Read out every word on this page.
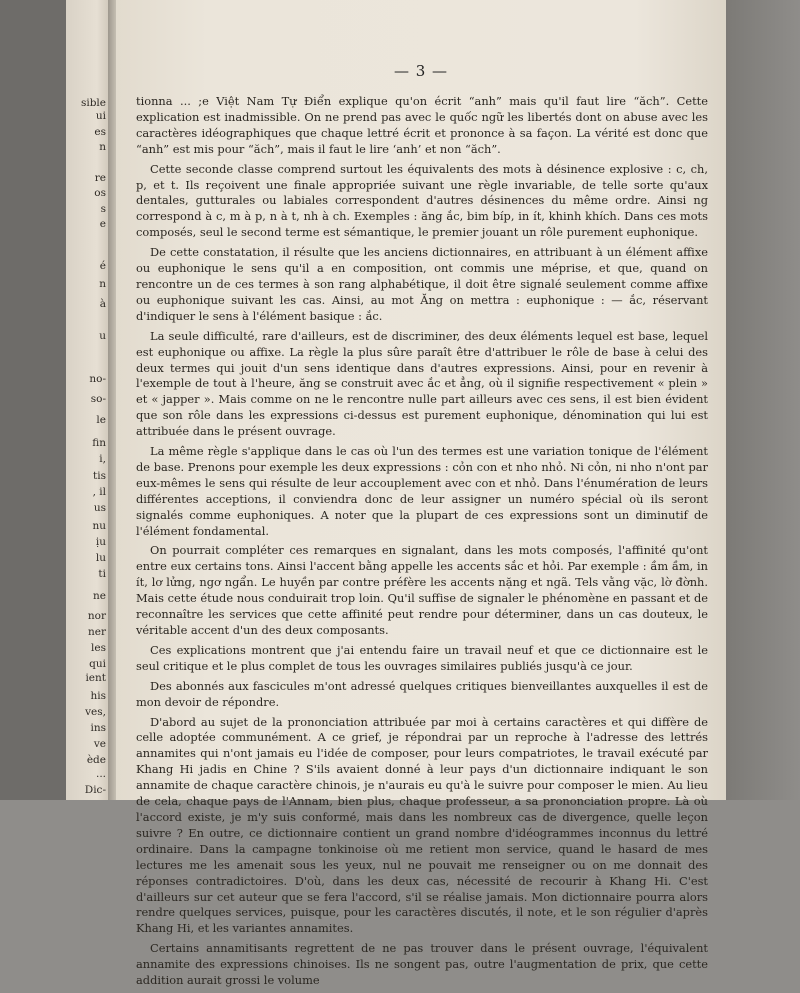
sible
ui
es
n
re
os
s
e
é
n
à
u
no-
so-
le
fin
i,
tis
, il
us
nu
ịu
lu
ti
ne
nor
ner
les
qui
ient
his
ves,
ins
ve
ède
...
Dic-
— 3 —

tionna ... ;e Việt Nam Tự Điển explique qu'on écrit “anh” mais qu'il faut lire “ăch”. Cette explication est inadmissible. On ne prend pas avec le quốc ngữ les libertés dont on abuse avec les caractères idéographiques que chaque lettré écrit et prononce à sa façon. La vérité est donc que “anh” est mis pour “ăch”, mais il faut le lire ‘anh’ et non “ăch”.

Cette seconde classe comprend surtout les équivalents des mots à désinence explosive : c, ch, p, et t. Ils reçoivent une finale appropriée suivant une règle invariable, de telle sorte qu'aux dentales, gutturales ou labiales correspondent d'autres désinences du même ordre. Ainsi ng correspond à c, m à p, n à t, nh à ch. Exemples : ăng ắc, bim bíp, in ít, khinh khích. Dans ces mots composés, seul le second terme est sémantique, le premier jouant un rôle purement euphonique.

De cette constatation, il résulte que les anciens dictionnaires, en attribuant à un élément affixe ou euphonique le sens qu'il a en composition, ont commis une méprise, et que, quand on rencontre un de ces termes à son rang alphabétique, il doit être signalé seulement comme affixe ou euphonique suivant les cas. Ainsi, au mot Ăng on mettra : euphonique : — ắc, réservant d'indiquer le sens à l'élément basique : ắc.

La seule difficulté, rare d'ailleurs, est de discriminer, des deux éléments lequel est base, lequel est euphonique ou affixe. La règle la plus sûre paraît être d'attribuer le rôle de base à celui des deux termes qui jouit d'un sens identique dans d'autres expressions. Ainsi, pour en revenir à l'exemple de tout à l'heure, ăng se construit avec ắc et ẳng, où il signifie respectivement « plein » et « japper ». Mais comme on ne le rencontre nulle part ailleurs avec ces sens, il est bien évident que son rôle dans les expressions ci-dessus est purement euphonique, dénomination qui lui est attribuée dans le présent ouvrage.

La même règle s'applique dans le cas où l'un des termes est une variation tonique de l'élément de base. Prenons pour exemple les deux expressions : cỏn con et nho nhỏ. Ni cỏn, ni nho n'ont par eux-mêmes le sens qui résulte de leur accouplement avec con et nhỏ. Dans l'énumération de leurs différentes acceptions, il conviendra donc de leur assigner un numéro spécial où ils seront signalés comme euphoniques. A noter que la plupart de ces expressions sont un diminutif de l'élément fondamental.

On pourrait compléter ces remarques en signalant, dans les mots composés, l'affinité qu'ont entre eux certains tons. Ainsi l'accent bằng appelle les accents sắc et hỏi. Par exemple : ầm ầm, in ít, lơ lửng, ngơ ngẩn. Le huyền par contre préfère les accents nặng et ngã. Tels vằng vặc, lờ đờnh. Mais cette étude nous conduirait trop loin. Qu'il suffise de signaler le phénomène en passant et de reconnaître les services que cette affinité peut rendre pour déterminer, dans un cas douteux, le véritable accent d'un des deux composants.

Ces explications montrent que j'ai entendu faire un travail neuf et que ce dictionnaire est le seul critique et le plus complet de tous les ouvrages similaires publiés jusqu'à ce jour.

Des abonnés aux fascicules m'ont adressé quelques critiques bienveillantes auxquelles il est de mon devoir de répondre.

D'abord au sujet de la prononciation attribuée par moi à certains caractères et qui diffère de celle adoptée communément. A ce grief, je répondrai par un reproche à l'adresse des lettrés annamites qui n'ont jamais eu l'idée de composer, pour leurs compatriotes, le travail exécuté par Khang Hi jadis en Chine ? S'ils avaient donné à leur pays d'un dictionnaire indiquant le son annamite de chaque caractère chinois, je n'aurais eu qu'à le suivre pour composer le mien. Au lieu de cela, chaque pays de l'Annam, bien plus, chaque professeur, a sa prononciation propre. Là où l'accord existe, je m'y suis conformé, mais dans les nombreux cas de divergence, quelle leçon suivre ? En outre, ce dictionnaire contient un grand nombre d'idéogrammes inconnus du lettré ordinaire. Dans la campagne tonkinoise où me retient mon service, quand le hasard de mes lectures me les amenait sous les yeux, nul ne pouvait me renseigner ou on me donnait des réponses contradictoires. D'où, dans les deux cas, nécessité de recourir à Khang Hi. C'est d'ailleurs sur cet auteur que se fera l'accord, s'il se réalise jamais. Mon dictionnaire pourra alors rendre quelques services, puisque, pour les caractères discutés, il note, et le son régulier d'après Khang Hi, et les variantes annamites.

Certains annamitisants regrettent de ne pas trouver dans le présent ouvrage, l'équivalent annamite des expressions chinoises. Ils ne songent pas, outre l'augmentation de prix, que cette addition aurait grossi le volume
